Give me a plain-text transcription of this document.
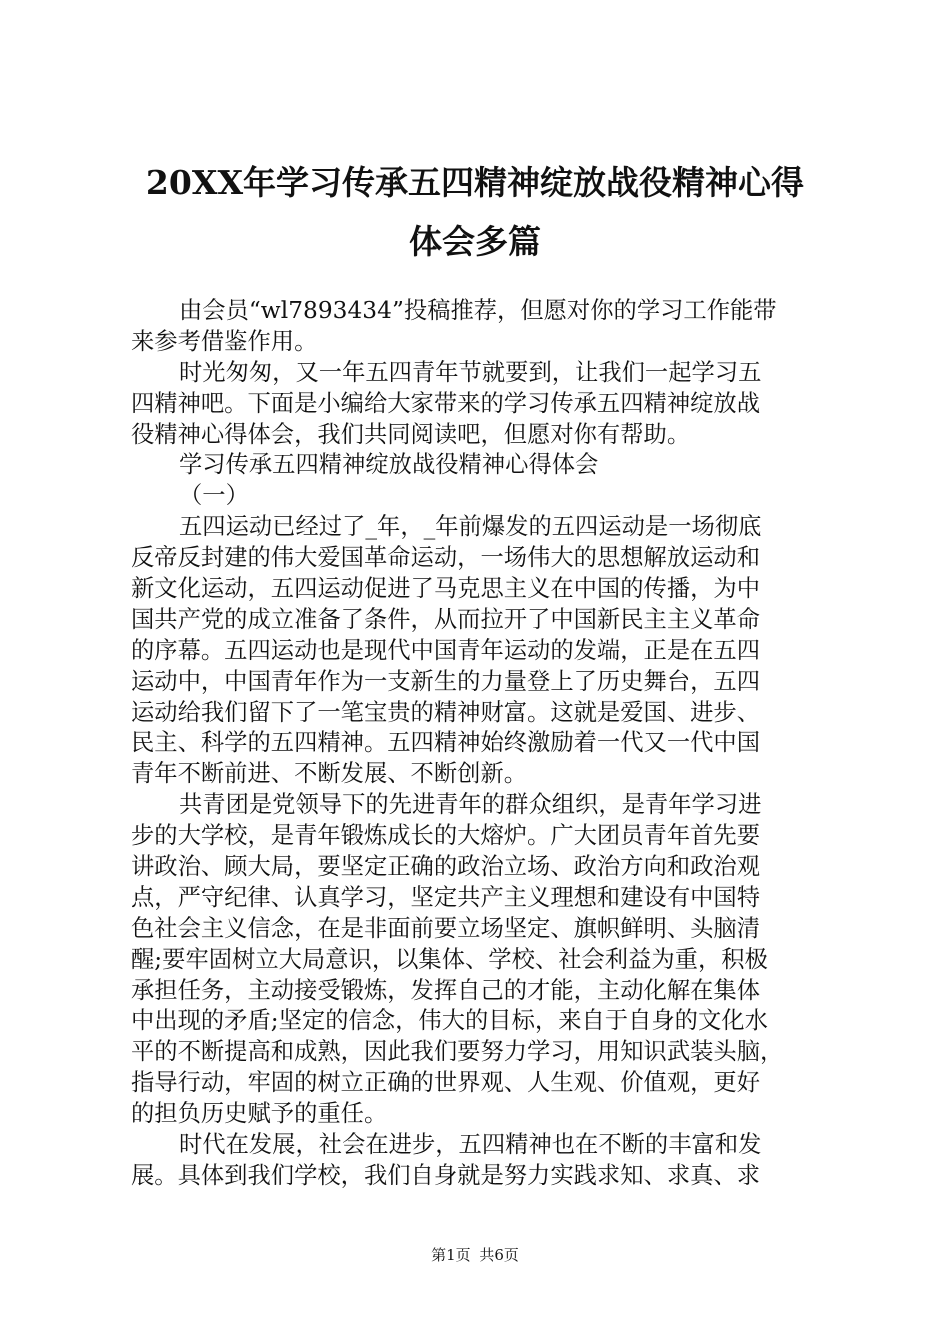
20XX年学习传承五四精神绽放战役精神心得
体会多篇
由会员“wl7893434”投稿推荐，但愿对你的学习工作能带
来参考借鉴作用。
时光匆匆，又一年五四青年节就要到，让我们一起学习五
四精神吧。下面是小编给大家带来的学习传承五四精神绽放战
役精神心得体会，我们共同阅读吧，但愿对你有帮助。
学习传承五四精神绽放战役精神心得体会
（一）
五四运动已经过了_年，_年前爆发的五四运动是一场彻底
反帝反封建的伟大爱国革命运动，一场伟大的思想解放运动和
新文化运动，五四运动促进了马克思主义在中国的传播，为中
国共产党的成立准备了条件，从而拉开了中国新民主主义革命
的序幕。五四运动也是现代中国青年运动的发端，正是在五四
运动中，中国青年作为一支新生的力量登上了历史舞台，五四
运动给我们留下了一笔宝贵的精神财富。这就是爱国、进步、
民主、科学的五四精神。五四精神始终激励着一代又一代中国
青年不断前进、不断发展、不断创新。
共青团是党领导下的先进青年的群众组织，是青年学习进
步的大学校，是青年锻炼成长的大熔炉。广大团员青年首先要
讲政治、顾大局，要坚定正确的政治立场、政治方向和政治观
点，严守纪律、认真学习，坚定共产主义理想和建设有中国特
色社会主义信念，在是非面前要立场坚定、旗帜鲜明、头脑清
醒;要牢固树立大局意识，以集体、学校、社会利益为重，积极
承担任务，主动接受锻炼，发挥自己的才能，主动化解在集体
中出现的矛盾;坚定的信念，伟大的目标，来自于自身的文化水
平的不断提高和成熟，因此我们要努力学习，用知识武装头脑，
指导行动，牢固的树立正确的世界观、人生观、价值观，更好
的担负历史赋予的重任。
时代在发展，社会在进步，五四精神也在不断的丰富和发
展。具体到我们学校，我们自身就是努力实践求知、求真、求
第1页 共6页
